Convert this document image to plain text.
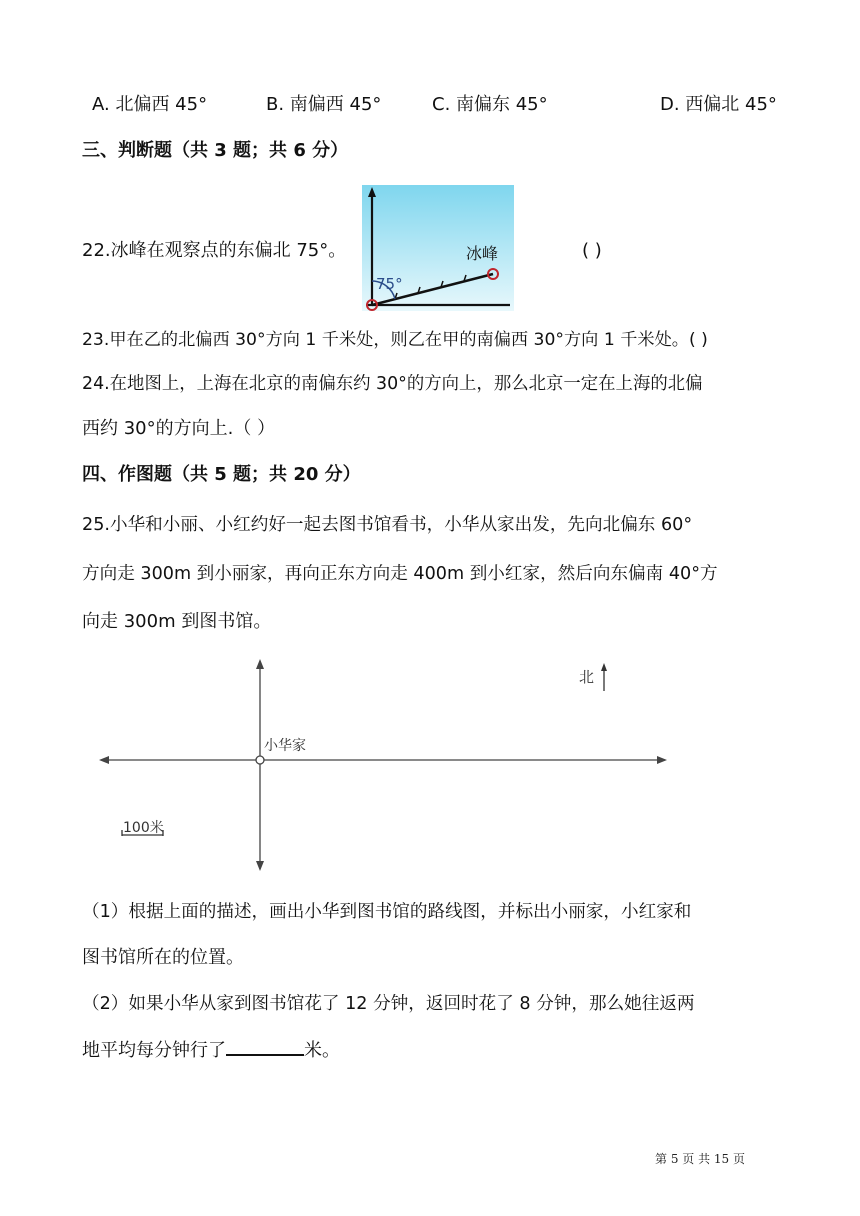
A. 北偏西 45°	B. 南偏西 45°	C. 南偏东 45°	D. 西偏北 45°
三、判断题（共 3 题；共 6 分）
22.冰峰在观察点的东偏北 75°。
75°
冰峰	( )
23.甲在乙的北偏西 30°方向 1 千米处，则乙在甲的南偏西 30°方向 1 千米处。( )
24.在地图上，上海在北京的南偏东约 30°的方向上，那么北京一定在上海的北偏
西约 30°的方向上.（ ）
四、作图题（共 5 题；共 20 分）
25.小华和小丽、小红约好一起去图书馆看书，小华从家出发，先向北偏东 60°
方向走 300m 到小丽家，再向正东方向走 400m 到小红家，然后向东偏南 40°方
向走 300m 到图书馆。
小华家
北
100米
（1）根据上面的描述，画出小华到图书馆的路线图，并标出小丽家，小红家和
图书馆所在的位置。
（2）如果小华从家到图书馆花了 12 分钟，返回时花了 8 分钟，那么她往返两
地平均每分钟行了	米。
第 5 页 共 15 页
